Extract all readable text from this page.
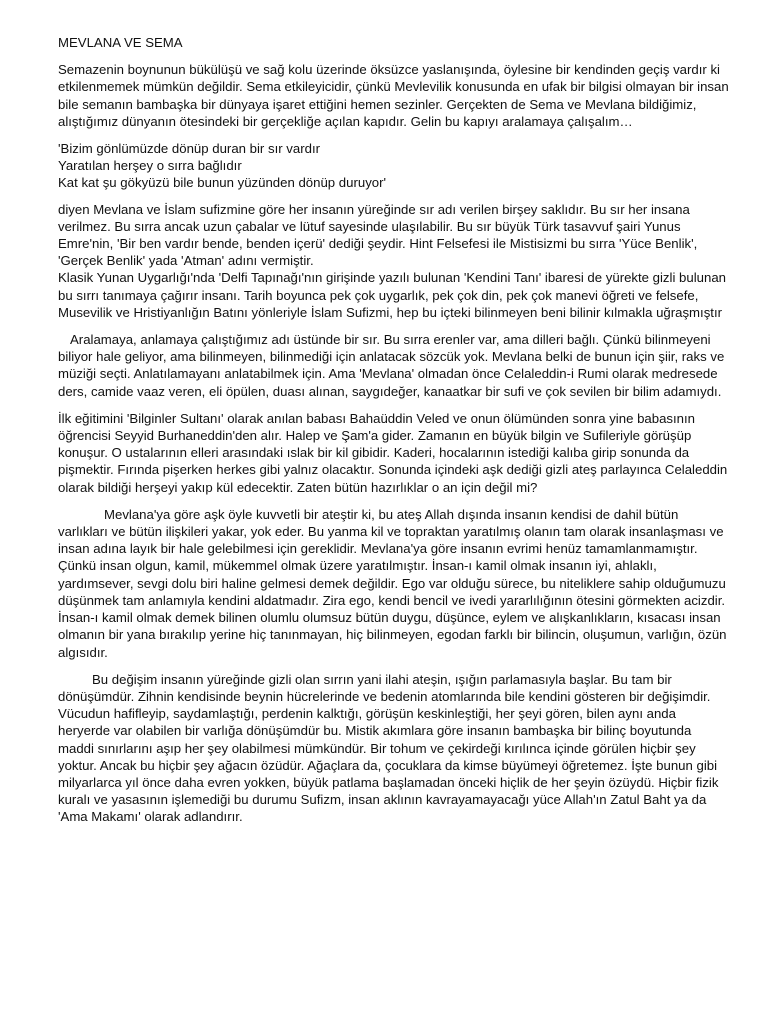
MEVLANA VE SEMA

Semazenin boynunun bükülüşü ve sağ kolu üzerinde öksüzce yaslanışında, öylesine bir kendinden geçiş vardır ki etkilenmemek mümkün değildir. Sema etkileyicidir, çünkü Mevlevilik konusunda en ufak bir bilgisi olmayan bir insan bile semanın bambaşka bir dünyaya işaret ettiğini hemen sezinler. Gerçekten de Sema ve Mevlana bildiğimiz, alıştığımız dünyanın ötesindeki bir gerçekliğe açılan kapıdır. Gelin bu kapıyı aralamaya çalışalım…

'Bizim gönlümüzde dönüp duran bir sır vardır
Yaratılan herşey o sırra bağlıdır
Kat kat şu gökyüzü bile bunun yüzünden dönüp duruyor'

diyen Mevlana ve İslam sufizmine göre her insanın yüreğinde sır adı verilen birşey saklıdır. Bu sır her insana verilmez. Bu sırra ancak uzun çabalar ve lütuf sayesinde ulaşılabilir. Bu sır büyük Türk tasavvuf şairi Yunus Emre'nin, 'Bir ben vardır bende, benden içerü' dediği şeydir. Hint Felsefesi ile Mistisizmi bu sırra 'Yüce Benlik', 'Gerçek Benlik' yada 'Atman' adını vermiştir.

Klasik Yunan Uygarlığı'nda 'Delfi Tapınağı'nın girişinde yazılı bulunan 'Kendini Tanı' ibaresi de yürekte gizli bulunan bu sırrı tanımaya çağırır insanı. Tarih boyunca pek çok uygarlık, pek çok din, pek çok manevi öğreti ve felsefe, Musevilik ve Hristiyanlığın Batını yönleriyle İslam Sufizmi, hep bu içteki bilinmeyen beni bilinir kılmakla uğraşmıştır

Aralamaya, anlamaya çalıştığımız adı üstünde bir sır. Bu sırra erenler var, ama dilleri bağlı. Çünkü bilinmeyeni biliyor hale geliyor, ama bilinmeyen, bilinmediği için anlatacak sözcük yok. Mevlana belki de bunun için şiir, raks ve müziği seçti. Anlatılamayanı anlatabilmek için. Ama 'Mevlana' olmadan önce Celaleddin-i Rumi olarak medresede ders, camide vaaz veren, eli öpülen, duası alınan, saygıdeğer, kanaatkar bir sufi ve çok sevilen bir bilim adamıydı.

İlk eğitimini 'Bilginler Sultanı' olarak anılan babası Bahaüddin Veled ve onun ölümünden sonra yine babasının öğrencisi Seyyid Burhaneddin'den alır. Halep ve Şam'a gider. Zamanın en büyük bilgin ve Sufileriyle görüşüp konuşur. O ustalarının elleri arasındaki ıslak bir kil gibidir. Kaderi, hocalarının istediği kalıba girip sonunda da pişmektir. Fırında pişerken herkes gibi yalnız olacaktır. Sonunda içindeki aşk dediği gizli ateş parlayınca Celaleddin olarak bildiği herşeyi yakıp kül edecektir. Zaten bütün hazırlıklar o an için değil mi?

Mevlana'ya göre aşk öyle kuvvetli bir ateştir ki, bu ateş Allah dışında insanın kendisi de dahil bütün varlıkları ve bütün ilişkileri yakar, yok eder. Bu yanma kil ve topraktan yaratılmış olanın tam olarak insanlaşması ve insan adına layık bir hale gelebilmesi için gereklidir. Mevlana'ya göre insanın evrimi henüz tamamlanmamıştır. Çünkü insan olgun, kamil, mükemmel olmak üzere yaratılmıştır. İnsan-ı kamil olmak insanın iyi, ahlaklı, yardımsever, sevgi dolu biri haline gelmesi demek değildir. Ego var olduğu sürece, bu niteliklere sahip olduğumuzu düşünmek tam anlamıyla kendini aldatmadır. Zira ego, kendi bencil ve ivedi yararlılığının ötesini görmekten acizdir. İnsan-ı kamil olmak demek bilinen olumlu olumsuz bütün duygu, düşünce, eylem ve alışkanlıkların, kısacası insan olmanın bir yana bırakılıp yerine hiç tanınmayan, hiç bilinmeyen, egodan farklı bir bilincin, oluşumun, varlığın, özün algısıdır.

Bu değişim insanın yüreğinde gizli olan sırrın yani ilahi ateşin, ışığın parlamasıyla başlar. Bu tam bir dönüşümdür. Zihnin kendisinde beynin hücrelerinde ve bedenin atomlarında bile kendini gösteren bir değişimdir. Vücudun hafifleyip, saydamlaştığı, perdenin kalktığı, görüşün keskinleştiği, her şeyi gören, bilen aynı anda heryerde var olabilen bir varlığa dönüşümdür bu. Mistik akımlara göre insanın bambaşka bir bilinç boyutunda maddi sınırlarını aşıp her şey olabilmesi mümkündür. Bir tohum ve çekirdeği kırılınca içinde görülen hiçbir şey yoktur. Ancak bu hiçbir şey ağacın özüdür. Ağaçlara da, çocuklara da kimse büyümeyi öğretemez. İşte bunun gibi milyarlarca yıl önce daha evren yokken, büyük patlama başlamadan önceki hiçlik de her şeyin özüydü. Hiçbir fizik kuralı ve yasasının işlemediği bu durumu Sufizm, insan aklının kavrayamayacağı yüce Allah'ın Zatul Baht ya da 'Ama Makamı' olarak adlandırır.
